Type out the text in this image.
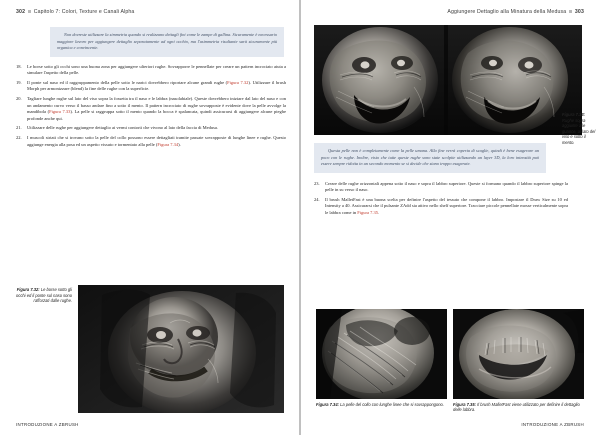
302 Capitolo 7: Colori, Texture e Canali Alpha

Non dovreste utilizzare la simmetria quando si realizzano dettagli fini come le zampe di gallina. Sicuramente è necessario maggiore lavoro per aggiungere dettaglio separatamente ad ogni occhio, ma l'asimmetria risultante sarà sicuramente più organica e convincente.

18.	Le borse sotto gli occhi sono una buona zona per aggiungere ulteriori rughe. Sovrapporre le pennellate per creare un pattern incrociato aiuta a simulare l'aspetto della pelle.
19.	Il ponte sul naso ed il raggruppamento della pelle sotto le narici dovrebbero riportare alcune grandi rughe (Figura 7.32). Utilizzare il brush Morph per armonizzare (blend) la fine delle rughe con la superficie.
20.	Tagliare lunghe rughe sul lato del viso sopra la fossetta tra il naso e le labbra (nasolabiale). Queste dovrebbero iniziare dal lato del naso e con un andamento curvo verso il basso andare fino a sotto il mento. Il pattern incrociato di rughe sovrapposte è evidente dove la pelle avvolge la mandibola (Figura 7.33). La pelle si raggruppa sotto il mento quando la bocca è spalancata, quindi assicurarsi di aggiungere alcune pieghe profonde anche qui.
21.	Utilizzare delle rughe per aggiungere dettaglio ai vermi contorti che vivono al lato della faccia di Medusa.
22.	I muscoli striati che si trovano sotto la pelle del collo possono essere dettagliati tramite passate sovrapposte di lunghe linee e rughe. Questo aggiunge energia alla posa ed un aspetto vissuto e tormentato alla pelle (Figura 7.34).
Figura 7.32: Le borse sotto gli occhi ed il ponte sul naso sono rafforzati dalle rughe.
INTRODUZIONE A ZBRUSH
Aggiungere Dettaglio alla Minatura della Medusa 303
Figura 7.33: Rughe sopra aggiunte alle guance, al lato del viso e sotto il mento.

Questa pelle non è completamente come la pelle umana. Alla fine verrà coperta di scaglie, quindi è bene esagerare un poco con le rughe. Inoltre, visto che tutte queste rughe sono state scolpite utilizzando un layer 3D, la loro intensità può essere sempre ridotta in un secondo momento se si decide che siano troppo esagerate.

23.	Creare delle rughe orizzontali appena sotto il naso e sopra il labbro superiore. Queste si formano quando il labbro superiore spinge la pelle in su verso il naso.
24.	Il brush MalletFast è una buona scelta per definire l'aspetto del tessuto che compone il labbro. Impostare il Draw Size su 10 ed Intensity a 40. Assicurarsi che il pulsante ZAdd sia attivo nello shelf superiore. Tracciare piccole pennellate mosse verticalmente sopra le labbra come in Figura 7.35.
Figura 7.34: La pelle del collo con lunghe linee che si sovrappongono.	Figura 7.35: Il brush MalletFast viene utilizzato per definire il dettaglio delle labbra.
INTRODUZIONE A ZBRUSH
